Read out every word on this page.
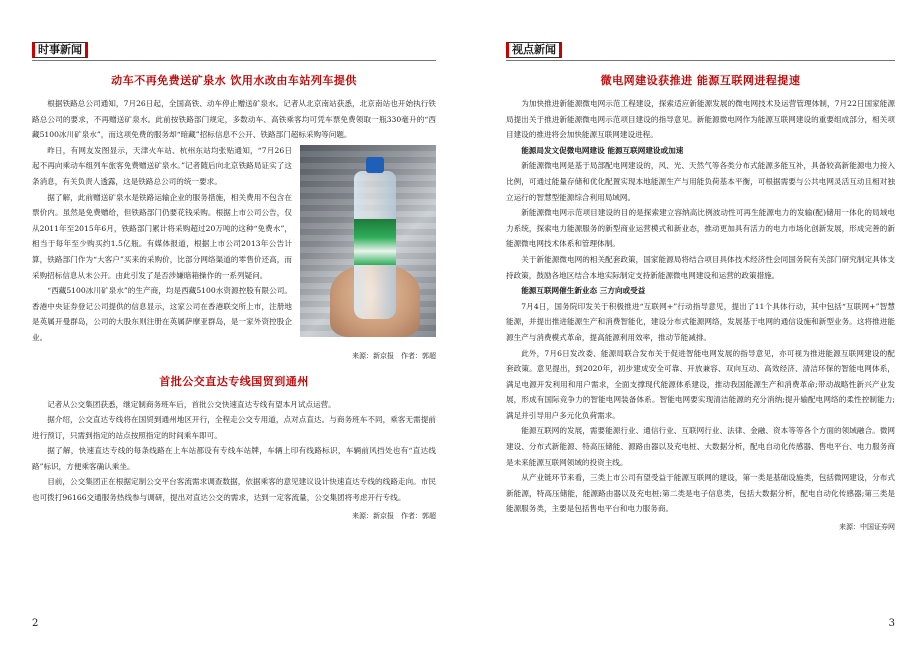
时事新闻
动车不再免费送矿泉水 饮用水改由车站列车提供

根据铁路总公司通知，7月26日起，全国高铁、动车停止赠送矿泉水。记者从北京南站获悉，北京南站也开始执行铁路总公司的要求，不再赠送矿泉水。此前按铁路部门规定，多数动车、高铁乘客均可凭车票免费领取一瓶330毫升的“西藏5100冰川矿泉水”，而这项免费的服务却“暗藏”招标信息不公开、铁路部门超标采购等问题。

昨日，有网友发图显示，天津火车站、杭州东站均张贴通知，“7月26日起不再向乘动车组列车旅客免费赠送矿泉水。”记者随后向北京铁路局证实了这条消息，有关负责人透露，这是铁路总公司的统一要求。

据了解，此前赠送矿泉水是铁路运输企业的服务措施，相关费用不包含在票价内。虽然是免费赠给，但铁路部门仍要花钱采购。根据上市公司公告，仅从2011年至2015年6月，铁路部门累计将采购超过20万吨的这种“免费水”，相当于每年至少购买约1.5亿瓶。有媒体报道，根据上市公司2013年公告计算，铁路部门作为“大客户”买来的采购价，比部分网络渠道的零售价还高，而采购招标信息从未公开。由此引发了是否涉嫌暗箱操作的一系列疑问。

“西藏5100冰川矿泉水”的生产商，均是西藏5100水资源控股有限公司。香港中央证券登记公司提供的信息显示，这家公司在香港联交所上市，注册地是英属开曼群岛，公司的大股东则注册在英属萨摩亚群岛，是一家外资控股企业。

来源：新京报　作者：郭超

首批公交直达专线国贸到通州

记者从公交集团获悉，继定制商务班车后，首批公交快速直达专线有望本月试点运营。

据介绍，公交直达专线将在国贸到通州地区开行，全程走公交专用道，点对点直达。与商务班车不同，乘客无需提前进行预订，只需到指定的站点按照指定的时间乘车即可。

据了解，快速直达专线的每条线路在上车站都设有专线车站牌，车辆上印有线路标识，车辆前风挡处也有“直达线路”标识，方便乘客确认乘坐。

目前，公交集团正在根据定制公交平台客流需求调查数据，依据乘客的意见建议设计快速直达专线的线路走向。市民也可拨打96166交通服务热线参与调研，提出对直达公交的需求，达到一定客流量，公交集团将考虑开行专线。

来源：新京报　作者：郭超

2
视点新闻
微电网建设获推进 能源互联网进程提速

为加快推进新能源微电网示范工程建设，探索适应新能源发展的微电网技术及运营管理体制，7月22日国家能源局提出关于推进新能源微电网示范项目建设的指导意见。新能源微电网作为能源互联网建设的重要组成部分，相关项目建设的推进将会加快能源互联网建设进程。

能源局发文促微电网建设 能源互联网建设或加速

新能源微电网是基于局部配电网建设的，风、光、天然气等各类分布式能源多能互补，具备较高新能源电力接入比例，可通过能量存储和优化配置实现本地能源生产与用能负荷基本平衡，可根据需要与公共电网灵活互动且相对独立运行的智慧型能源综合利用局域网。

新能源微电网示范项目建设的目的是探索建立容纳高比例波动性可再生能源电力的发输(配)储用一体化的局域电力系统，探索电力能源服务的新型商业运营模式和新业态，推动更加具有活力的电力市场化创新发展，形成完善的新能源微电网技术体系和管理体制。

关于新能源微电网的相关配套政策，国家能源局将结合项目具体技术经济性会同国务院有关部门研究制定具体支持政策，鼓励各地区结合本地实际制定支持新能源微电网建设和运营的政策措施。

能源互联网催生新业态 三方向或受益

7月4日，国务院印发关于积极推进“互联网+”行动指导意见，提出了11个具体行动，其中包括“互联网+”智慧能源，并提出推进能源生产和消费智能化，建设分布式能源网络，发展基于电网的通信设施和新型业务。这将推进能源生产与消费模式革命，提高能源利用效率，推动节能减排。

此外，7月6日发改委、能源局联合发布关于促进智能电网发展的指导意见，亦可视为推进能源互联网建设的配套政策。意见提出，到2020年，初步建成安全可靠、开放兼容、双向互动、高效经济、清洁环保的智能电网体系，满足电源开发利用和用户需求，全面支撑现代能源体系建设，推动我国能源生产和消费革命;带动战略性新兴产业发展，形成有国际竞争力的智能电网装备体系。智能电网要实现清洁能源的充分消纳;提升输配电网络的柔性控制能力;满足并引导用户多元化负荷需求。

能源互联网的发展，需要能源行业、通信行业、互联网行业、法律、金融、资本等等各个方面的领域融合。微网建设、分布式新能源、特高压储能、源路由器以及充电桩、大数据分析，配电自动化传感器、售电平台、电力服务商是未来能源互联网领域的投资主线。

从产业链环节来看，三类上市公司有望受益于能源互联网的建设，第一类是基础设施类，包括微网建设，分布式新能源，特高压储能，能源路由器以及充电桩;第二类是电子信息类，包括大数据分析，配电自动化传感器;第三类是能源服务类，主要是包括售电平台和电力服务商。

来源：中国证券网

3
